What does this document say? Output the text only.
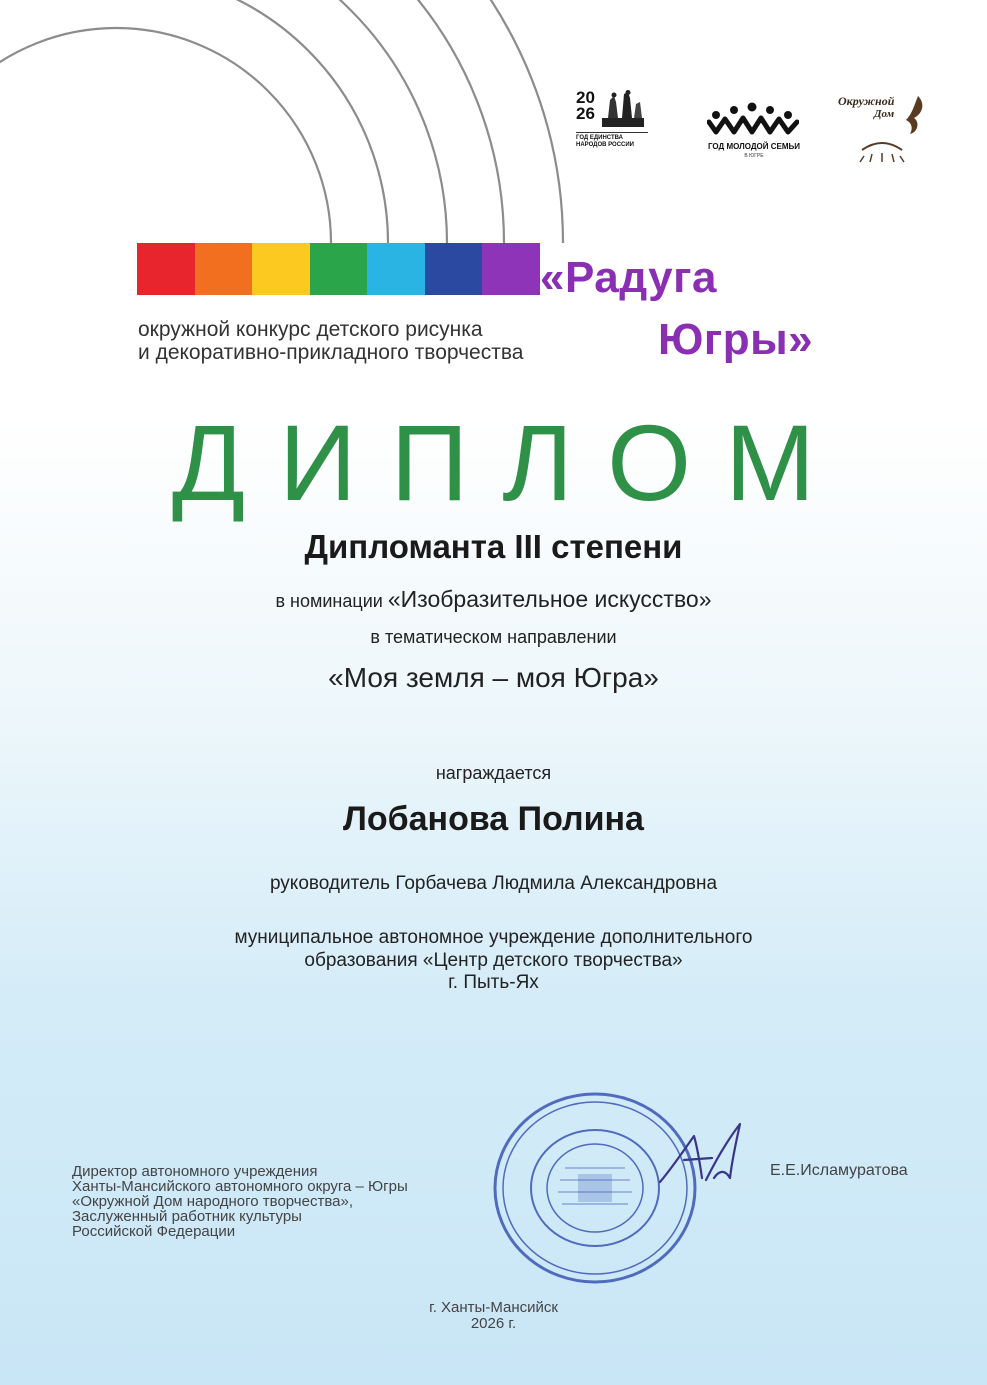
20
26
ГОД ЕДИНСТВА
НАРОДОВ РОССИИ	ГОД МОЛОДОЙ СЕМЬИ
В ЮГРЕ
Окружной
Дом
«Радуга
Югры»
окружной конкурс детского рисунка
и декоративно-прикладного творчества
ДИПЛОМ
Дипломанта III степени
в номинации «Изобразительное искусство»
в тематическом направлении
«Моя земля – моя Югра»
награждается
Лобанова Полина
руководитель Горбачева Людмила Александровна
муниципальное автономное учреждение дополнительного
образования «Центр детского творчества»
г. Пыть-Ях
Директор автономного учреждения
Ханты-Мансийского автономного округа – Югры
«Окружной Дом народного творчества»,
Заслуженный работник культуры
Российской Федерации
Е.Е.Исламуратова
г. Ханты-Мансийск
2026 г.
